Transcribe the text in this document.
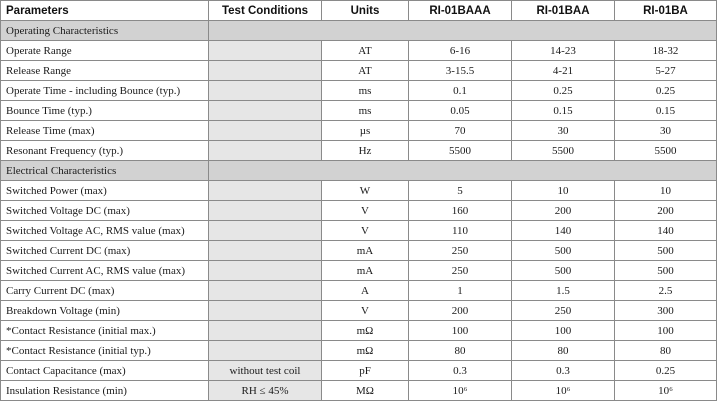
Parameters	Test Conditions	Units	RI-01BAAA	RI-01BAA	RI-01BA
Operating Characteristics					
Operate Range		AT	6-16	14-23	18-32
Release Range		AT	3-15.5	4-21	5-27
Operate Time - including Bounce (typ.)		ms	0.1	0.25	0.25
Bounce Time (typ.)		ms	0.05	0.15	0.15
Release Time (max)		µs	70	30	30
Resonant Frequency (typ.)		Hz	5500	5500	5500
Electrical Characteristics					
Switched Power (max)		W	5	10	10
Switched Voltage DC (max)		V	160	200	200
Switched Voltage AC, RMS value (max)		V	110	140	140
Switched Current DC (max)		mA	250	500	500
Switched Current AC, RMS value (max)		mA	250	500	500
Carry Current DC (max)		A	1	1.5	2.5
Breakdown Voltage (min)		V	200	250	300
*Contact Resistance (initial max.)		mΩ	100	100	100
*Contact Resistance (initial typ.)		mΩ	80	80	80
Contact Capacitance (max)	without test coil	pF	0.3	0.3	0.25
Insulation Resistance (min)	RH ≤ 45%	MΩ	10⁶	10⁶	10⁶
